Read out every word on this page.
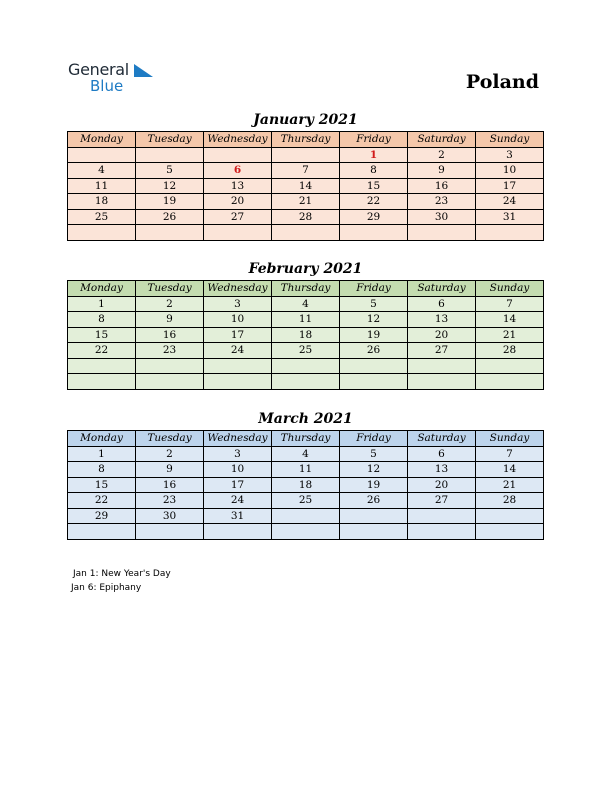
General
Blue	Poland
January 2021
Monday	Tuesday	Wednesday	Thursday	Friday	Saturday	Sunday
				1	2	3
4	5	6	7	8	9	10
11	12	13	14	15	16	17
18	19	20	21	22	23	24
25	26	27	28	29	30	31

February 2021
Monday	Tuesday	Wednesday	Thursday	Friday	Saturday	Sunday
1	2	3	4	5	6	7
8	9	10	11	12	13	14
15	16	17	18	19	20	21
22	23	24	25	26	27	28

March 2021
Monday	Tuesday	Wednesday	Thursday	Friday	Saturday	Sunday
1	2	3	4	5	6	7
8	9	10	11	12	13	14
15	16	17	18	19	20	21
22	23	24	25	26	27	28
29	30	31				

Jan 1: New Year's Day
Jan 6: Epiphany
